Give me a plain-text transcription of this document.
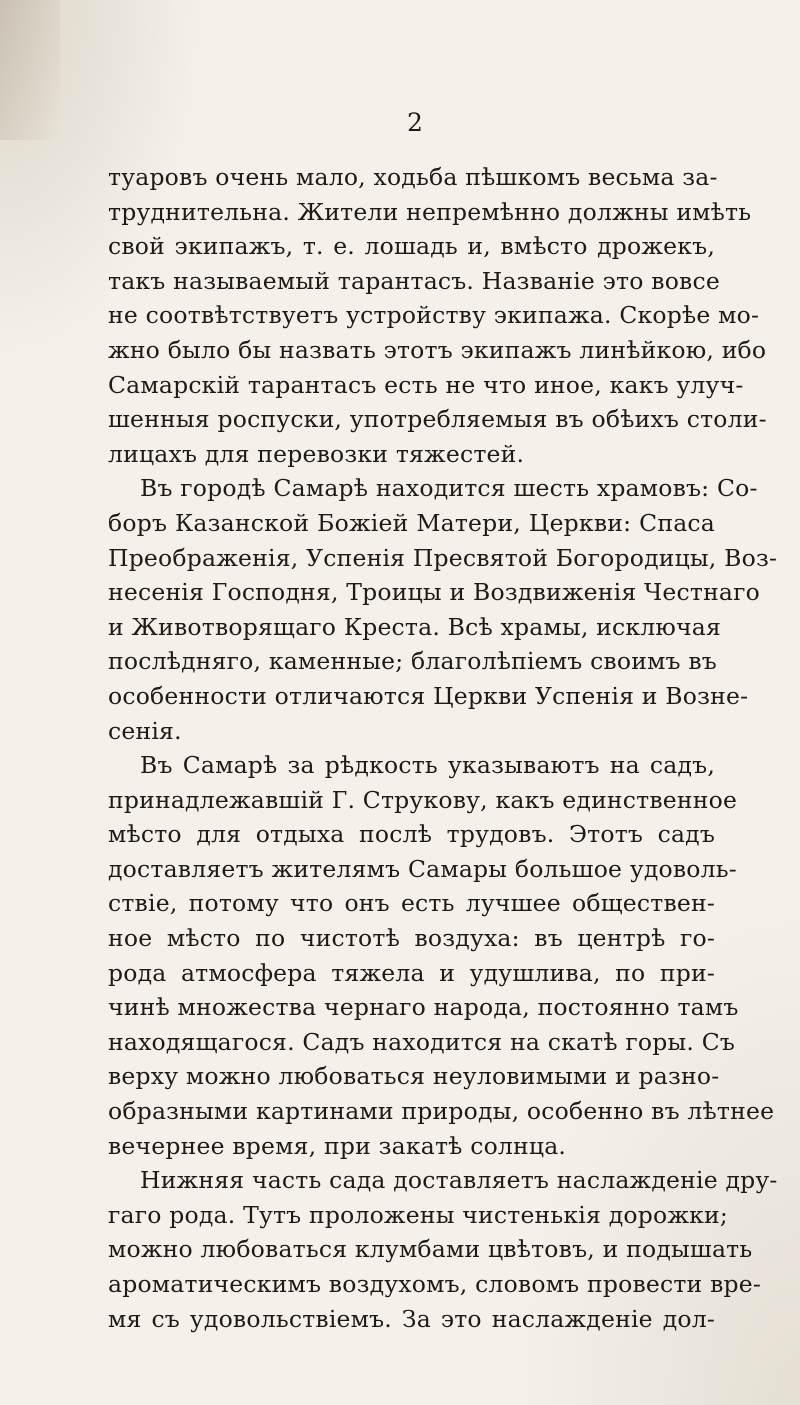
2
туаровъ очень мало, ходьба пѣшкомъ весьма за-
труднительна. Жители непремѣнно должны имѣть
свой экипажъ, т. е. лошадь и, вмѣсто дрожекъ,
такъ называемый тарантасъ. Названіе это вовсе
не соотвѣтствуетъ устройству экипажа. Скорѣе мо-
жно было бы назвать этотъ экипажъ линѣйкою, ибо
Самарскій тарантасъ есть не что иное, какъ улуч-
шенныя роспуски, употребляемыя въ обѣихъ столи-
лицахъ для перевозки тяжестей.
Въ городѣ Самарѣ находится шесть храмовъ: Со-
боръ Казанской Божіей Матери, Церкви: Спаса
Преображенія, Успенія Пресвятой Богородицы, Воз-
несенія Господня, Троицы и Воздвиженія Честнаго
и Животворящаго Креста. Всѣ храмы, исключая
послѣдняго, каменные; благолѣпіемъ своимъ въ
особенности отличаются Церкви Успенія и Возне-
сенія.
Въ Самарѣ за рѣдкость указываютъ на садъ,
принадлежавшій Г. Струкову, какъ единственное
мѣсто для отдыха послѣ трудовъ. Этотъ садъ
доставляетъ жителямъ Самары большое удоволь-
ствіе, потому что онъ есть лучшее обществен-
ное мѣсто по чистотѣ воздуха: въ центрѣ го-
рода атмосфера тяжела и удушлива, по при-
чинѣ множества чернаго народа, постоянно тамъ
находящагося. Садъ находится на скатѣ горы. Съ
верху можно любоваться неуловимыми и разно-
образными картинами природы, особенно въ лѣтнее
вечернее время, при закатѣ солнца.
Нижняя часть сада доставляетъ наслажденіе дру-
гаго рода. Тутъ проложены чистенькія дорожки;
можно любоваться клумбами цвѣтовъ, и подышать
ароматическимъ воздухомъ, словомъ провести вре-
мя съ удовольствіемъ. За это наслажденіе дол-
